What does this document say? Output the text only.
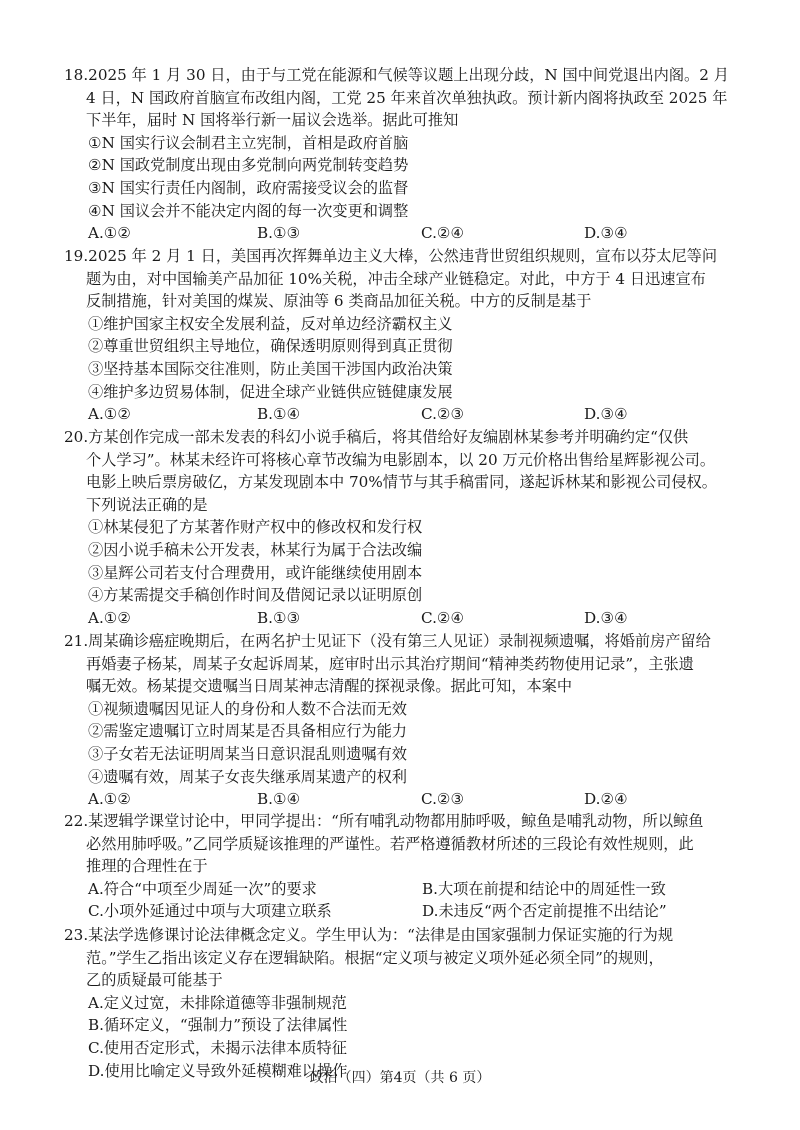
18.2025 年 1 月 30 日，由于与工党在能源和气候等议题上出现分歧，N 国中间党退出内阁。2 月
4 日，N 国政府首脑宣布改组内阁，工党 25 年来首次单独执政。预计新内阁将执政至 2025 年
下半年，届时 N 国将举行新一届议会选举。据此可推知
①N 国实行议会制君主立宪制，首相是政府首脑
②N 国政党制度出现由多党制向两党制转变趋势
③N 国实行责任内阁制，政府需接受议会的监督
④N 国议会并不能决定内阁的每一次变更和调整
A.①②	B.①③	C.②④	D.③④
19.2025 年 2 月 1 日，美国再次挥舞单边主义大棒，公然违背世贸组织规则，宣布以芬太尼等问
题为由，对中国输美产品加征 10%关税，冲击全球产业链稳定。对此，中方于 4 日迅速宣布
反制措施，针对美国的煤炭、原油等 6 类商品加征关税。中方的反制是基于
①维护国家主权安全发展利益，反对单边经济霸权主义
②尊重世贸组织主导地位，确保透明原则得到真正贯彻
③坚持基本国际交往准则，防止美国干涉国内政治决策
④维护多边贸易体制，促进全球产业链供应链健康发展
A.①②	B.①④	C.②③	D.③④
20.方某创作完成一部未发表的科幻小说手稿后，将其借给好友编剧林某参考并明确约定“仅供
个人学习”。林某未经许可将核心章节改编为电影剧本，以 20 万元价格出售给星辉影视公司。
电影上映后票房破亿，方某发现剧本中 70%情节与其手稿雷同，遂起诉林某和影视公司侵权。
下列说法正确的是
①林某侵犯了方某著作财产权中的修改权和发行权
②因小说手稿未公开发表，林某行为属于合法改编
③星辉公司若支付合理费用，或许能继续使用剧本
④方某需提交手稿创作时间及借阅记录以证明原创
A.①②	B.①③	C.②④	D.③④
21.周某确诊癌症晚期后，在两名护士见证下（没有第三人见证）录制视频遗嘱，将婚前房产留给
再婚妻子杨某，周某子女起诉周某，庭审时出示其治疗期间“精神类药物使用记录”，主张遗
嘱无效。杨某提交遗嘱当日周某神志清醒的探视录像。据此可知，本案中
①视频遗嘱因见证人的身份和人数不合法而无效
②需鉴定遗嘱订立时周某是否具备相应行为能力
③子女若无法证明周某当日意识混乱则遗嘱有效
④遗嘱有效，周某子女丧失继承周某遗产的权利
A.①②	B.①④	C.②③	D.②④
22.某逻辑学课堂讨论中，甲同学提出：“所有哺乳动物都用肺呼吸，鲸鱼是哺乳动物，所以鲸鱼
必然用肺呼吸。”乙同学质疑该推理的严谨性。若严格遵循教材所述的三段论有效性规则，此
推理的合理性在于
A.符合“中项至少周延一次”的要求	B.大项在前提和结论中的周延性一致
C.小项外延通过中项与大项建立联系	D.未违反“两个否定前提推不出结论”
23.某法学选修课讨论法律概念定义。学生甲认为：“法律是由国家强制力保证实施的行为规
范。”学生乙指出该定义存在逻辑缺陷。根据“定义项与被定义项外延必须全同”的规则，
乙的质疑最可能基于
A.定义过宽，未排除道德等非强制规范
B.循环定义，“强制力”预设了法律属性
C.使用否定形式，未揭示法律本质特征
D.使用比喻定义导致外延模糊难以操作
政治（四）第4页（共 6 页）
